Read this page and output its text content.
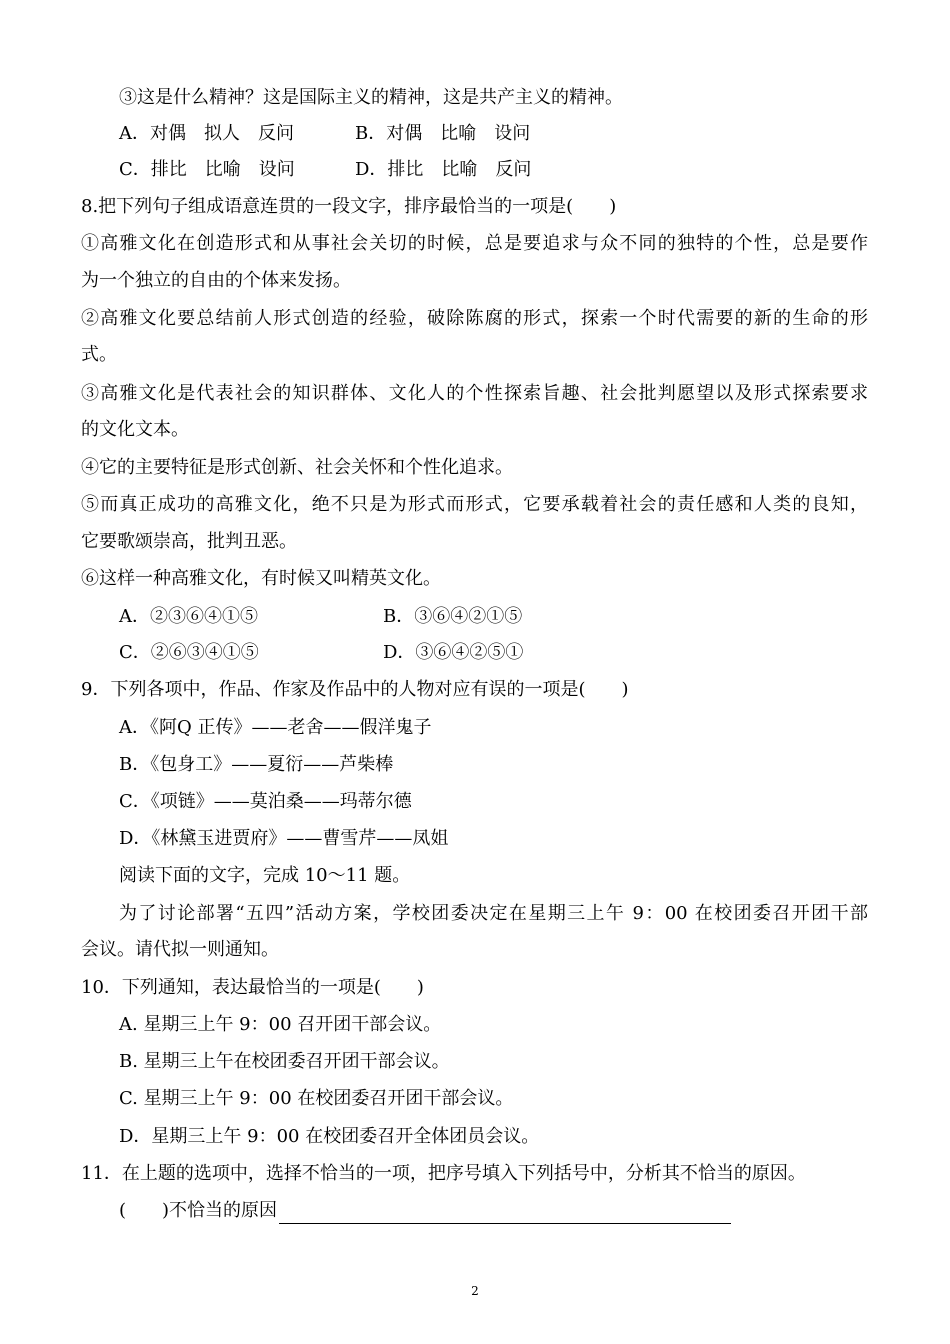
③这是什么精神？这是国际主义的精神，这是共产主义的精神。
A．对偶　拟人　反问	B．对偶　比喻　设问
C．排比　比喻　设问	D．排比　比喻　反问
8.把下列句子组成语意连贯的一段文字，排序最恰当的一项是(　　)
①高雅文化在创造形式和从事社会关切的时候，总是要追求与众不同的独特的个性，总是要作
为一个独立的自由的个体来发扬。
②高雅文化要总结前人形式创造的经验，破除陈腐的形式，探索一个时代需要的新的生命的形
式。
③高雅文化是代表社会的知识群体、文化人的个性探索旨趣、社会批判愿望以及形式探索要求
的文化文本。
④它的主要特征是形式创新、社会关怀和个性化追求。
⑤而真正成功的高雅文化，绝不只是为形式而形式，它要承载着社会的责任感和人类的良知，
它要歌颂崇高，批判丑恶。
⑥这样一种高雅文化，有时候又叫精英文化。
A．②③⑥④①⑤	B．③⑥④②①⑤
C．②⑥③④①⑤	D．③⑥④②⑤①
9．下列各项中，作品、作家及作品中的人物对应有误的一项是(　　)
A．《阿Q 正传》——老舍——假洋鬼子
B．《包身工》——夏衍——芦柴棒
C．《项链》——莫泊桑——玛蒂尔德
D．《林黛玉进贾府》——曹雪芹——凤姐
阅读下面的文字，完成 10～11 题。
为了讨论部署“五四”活动方案，学校团委决定在星期三上午 9：00 在校团委召开团干部
会议。请代拟一则通知。
10．下列通知，表达最恰当的一项是(　　)
A. 星期三上午 9：00 召开团干部会议。
B. 星期三上午在校团委召开团干部会议。
C. 星期三上午 9：00 在校团委召开团干部会议。
D．星期三上午 9：00 在校团委召开全体团员会议。
11．在上题的选项中，选择不恰当的一项，把序号填入下列括号中，分析其不恰当的原因。
(　　)不恰当的原因
2
